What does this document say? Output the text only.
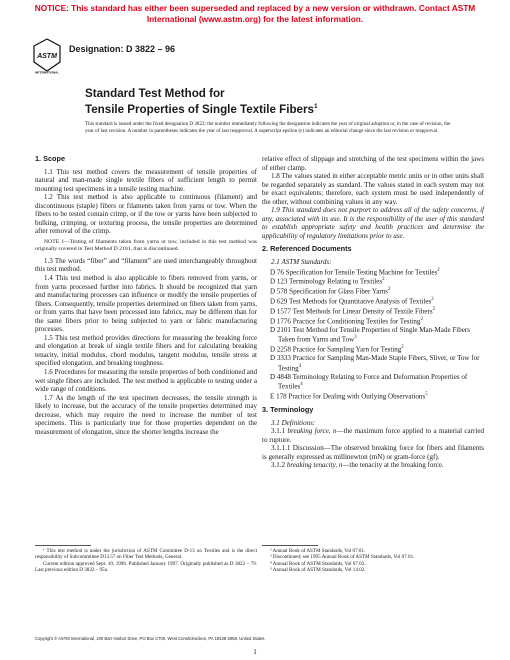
NOTICE: This standard has either been superseded and replaced by a new version or withdrawn. Contact ASTM
International (www.astm.org) for the latest information.
ASTM
INTERNATIONAL
Designation: D 3822 – 96
Standard Test Method for
Tensile Properties of Single Textile Fibers$^1$
This standard is issued under the fixed designation D 3822; the number immediately following the designation indicates the year of original adoption or, in the case of revision, the year of last revision. A number in parentheses indicates the year of last reapproval. A superscript epsilon (ε) indicates an editorial change since the last revision or reapproval.
1. Scope

1.1 This test method covers the measurement of tensile properties of natural and man-made single textile fibers of sufficient length to permit mounting test specimens in a tensile testing machine.

1.2 This test method is also applicable to continuous (filament) and discontinuous (staple) fibers or filaments taken from yarns or tow. When the fibers to be tested contain crimp, or if the tow or yarns have been subjected to bulking, crimping, or texturing process, the tensile properties are determined after removal of the crimp.

NOTE 1—Testing of filaments taken from yarns or tow, included in this test method was originally covered in Test Method D 2101, that is discontinued.

1.3 The words “fiber” and “filament” are used interchangeably throughout this test method.

1.4 This test method is also applicable to fibers removed from yarns, or from yarns processed further into fabrics. It should be recognized that yarn and manufacturing processes can influence or modify the tensile properties of fibers. Consequently, tensile properties determined on fibers taken from yarns, or from yarns that have been processed into fabrics, may be different than for the same fibers prior to being subjected to yarn or fabric manufacturing processes.

1.5 This test method provides directions for measuring the breaking force and elongation at break of single textile fibers and for calculating breaking tenacity, initial modulus, chord modulus, tangent modulus, tensile stress at specified elongation, and breaking toughness.

1.6 Procedures for measuring the tensile properties of both conditioned and wet single fibers are included. The test method is applicable to testing under a wide range of conditions.

1.7 As the length of the test specimen decreases, the tensile strength is likely to increase, but the accuracy of the tensile properties determined may decrease, which may require the need to increase the number of test specimens. This is particularly true for those properties dependent on the measurement of elongation, since the shorter lengths increase the

relative effect of slippage and stretching of the test specimens within the jaws of either clamp.

1.8 The values stated in either acceptable metric units or in other units shall be regarded separately as standard. The values stated in each system may not be exact equivalents; therefore, each system must be used independently of the other, without combining values in any way.

1.9 This standard does not purport to address all of the safety concerns, if any, associated with its use. It is the responsibility of the user of this standard to establish appropriate safety and health practices and determine the applicability of regulatory limitations prior to use.

2. Referenced Documents

2.1 ASTM Standards:

D 76 Specification for Tensile Testing Machine for Textiles$^2$
D 123 Terminology Relating to Textiles$^2$
D 578 Specification for Glass Fiber Yarns$^2$
D 629 Test Methods for Quantitative Analysis of Textiles$^2$
D 1577 Test Methods for Linear Density of Textile Fibers$^2$
D 1776 Practice for Conditioning Textiles for Testing$^2$
D 2101 Test Method for Tensile Properties of Single Man-Made Fibers Taken from Yarns and Tow$^3$
D 2258 Practice for Sampling Yarn for Testing$^2$
D 3333 Practice for Sampling Man-Made Staple Fibers, Sliver, or Tow for Testing$^4$
D 4848 Terminology Relating to Force and Deformation Properties of Textiles$^4$
E 178 Practice for Dealing with Outlying Observations$^5$
3. Terminology

3.1 Definitions:

3.1.1 breaking force, n—the maximum force applied to a material carried to rupture.

3.1.1.1 Discussion—The observed breaking force for fibers and filaments is generally expressed as millinewton (mN) or gram-force (gf).

3.1.2 breaking tenacity, n—the tenacity at the breaking force.

¹ This test method is under the jurisdiction of ASTM Committee D-13 on Textiles and is the direct responsibility of Subcommittee D13.57 on Fiber Test Methods, General.

Current edition approved Sept. 10, 1996. Published January 1997. Originally published as D 3822 – 79. Last previous edition D 3822 – 95a.

² Annual Book of ASTM Standards, Vol 07.01.

³ Discontinued; see 1995 Annual Book of ASTM Standards, Vol 07.01.

⁴ Annual Book of ASTM Standards, Vol 07.02.

⁵ Annual Book of ASTM Standards, Vol 14.02.

Copyright © ASTM International, 100 Barr Harbor Drive, PO Box C700, West Conshohocken, PA 19428-2959, United States.
1
